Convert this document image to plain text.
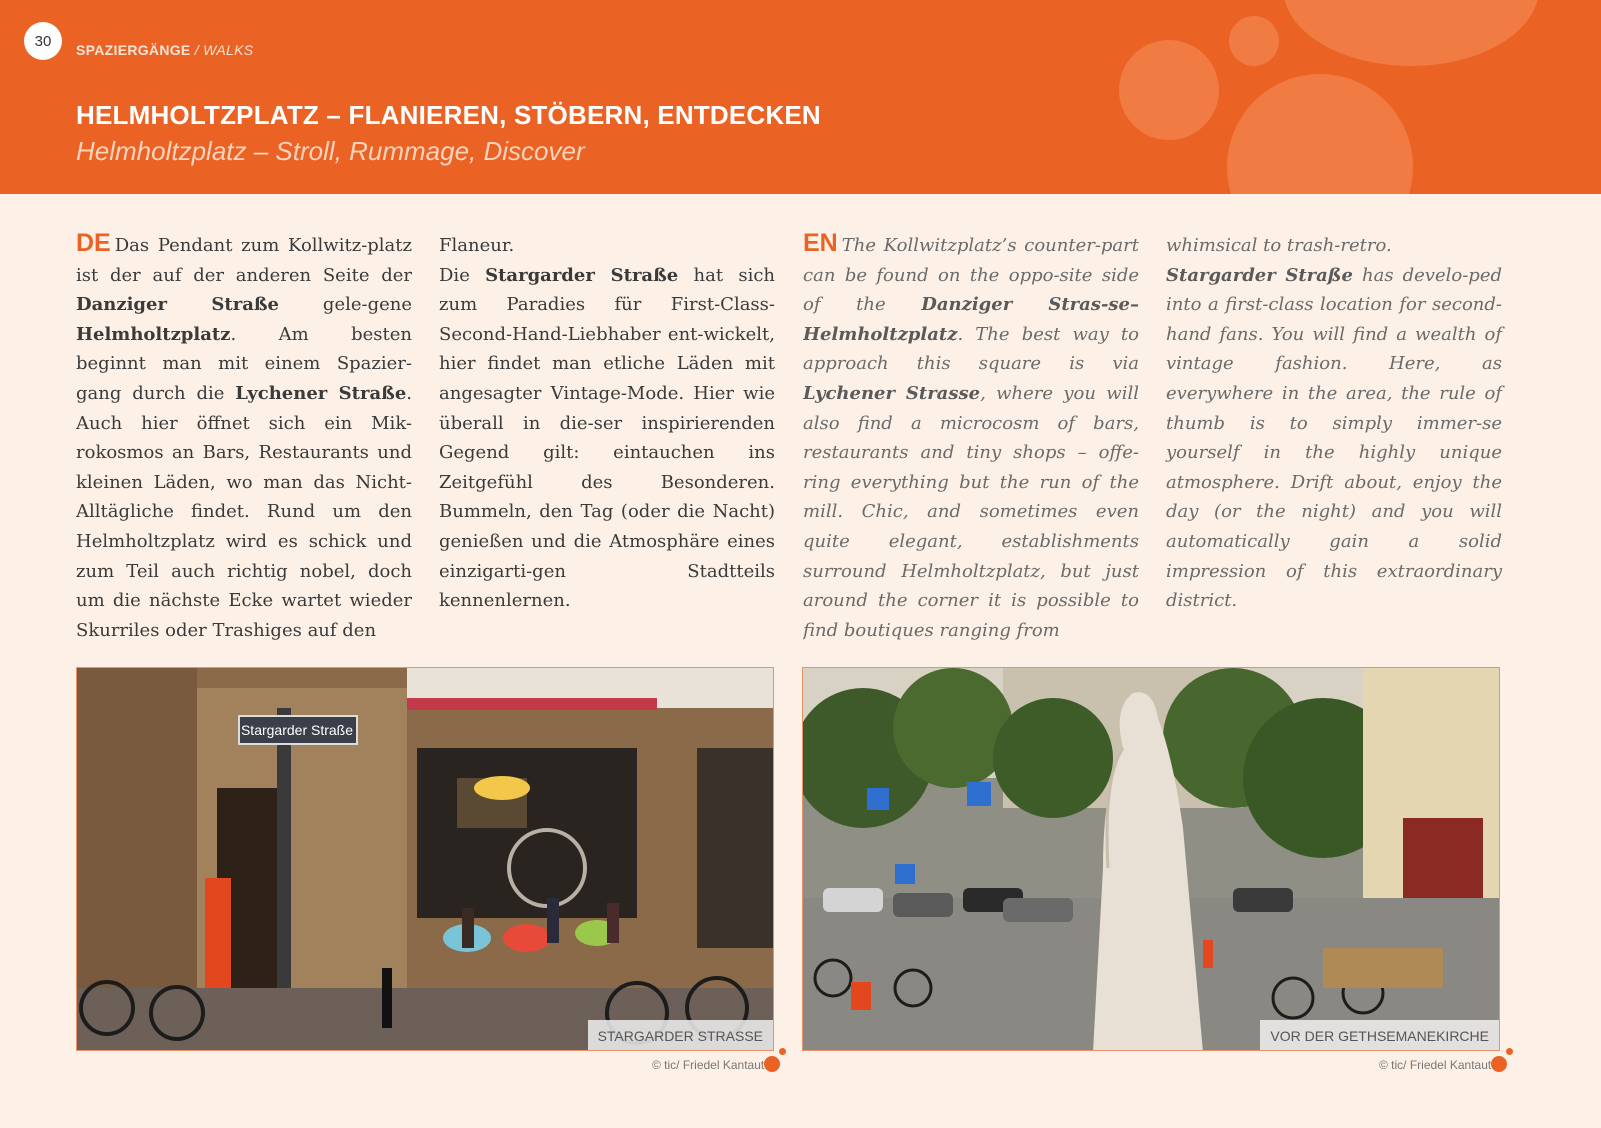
30
SPAZIERGÄNGE / WALKS
HELMHOLTZPLATZ – FLANIEREN, STÖBERN, ENTDECKEN
Helmholtzplatz – Stroll, Rummage, Discover

DE Das Pendant zum Kollwitz-platz ist der auf der anderen Seite der Danziger Straße gele-gene Helmholtzplatz. Am besten beginnt man mit einem Spazier-gang durch die Lychener Straße. Auch hier öffnet sich ein Mik-rokosmos an Bars, Restaurants und kleinen Läden, wo man das Nicht-Alltägliche findet. Rund um den Helmholtzplatz wird es schick und zum Teil auch richtig nobel, doch um die nächste Ecke wartet wieder Skurriles oder Trashiges auf den

Flaneur.

Die Stargarder Straße hat sich zum Paradies für First-Class-Second-Hand-Liebhaber ent-wickelt, hier findet man etliche Läden mit angesagter Vintage-Mode. Hier wie überall in die-ser inspirierenden Gegend gilt: eintauchen ins Zeitgefühl des Besonderen. Bummeln, den Tag (oder die Nacht) genießen und die Atmosphäre eines einzigarti-gen Stadtteils kennenlernen.

EN The Kollwitzplatz’s counter-part can be found on the oppo-site side of the Danziger Stras-se– Helmholtzplatz. The best way to approach this square is via Lychener Strasse, where you will also find a microcosm of bars, restaurants and tiny shops – offe-ring everything but the run of the mill. Chic, and sometimes even quite elegant, establishments surround Helmholtzplatz, but just around the corner it is possible to find boutiques ranging from

whimsical to trash-retro.

Stargarder Straße has develo-ped into a first-class location for second-hand fans. You will find a wealth of vintage fashion. Here, as everywhere in the area, the rule of thumb is to simply immer-se yourself in the highly unique atmosphere. Drift about, enjoy the day (or the night) and you will automatically gain a solid impression of this extraordinary district.

Stargarder Straße
STARGARDER STRASSE
© tic/ Friedel Kantaut
VOR DER GETHSEMANEKIRCHE
© tic/ Friedel Kantaut
